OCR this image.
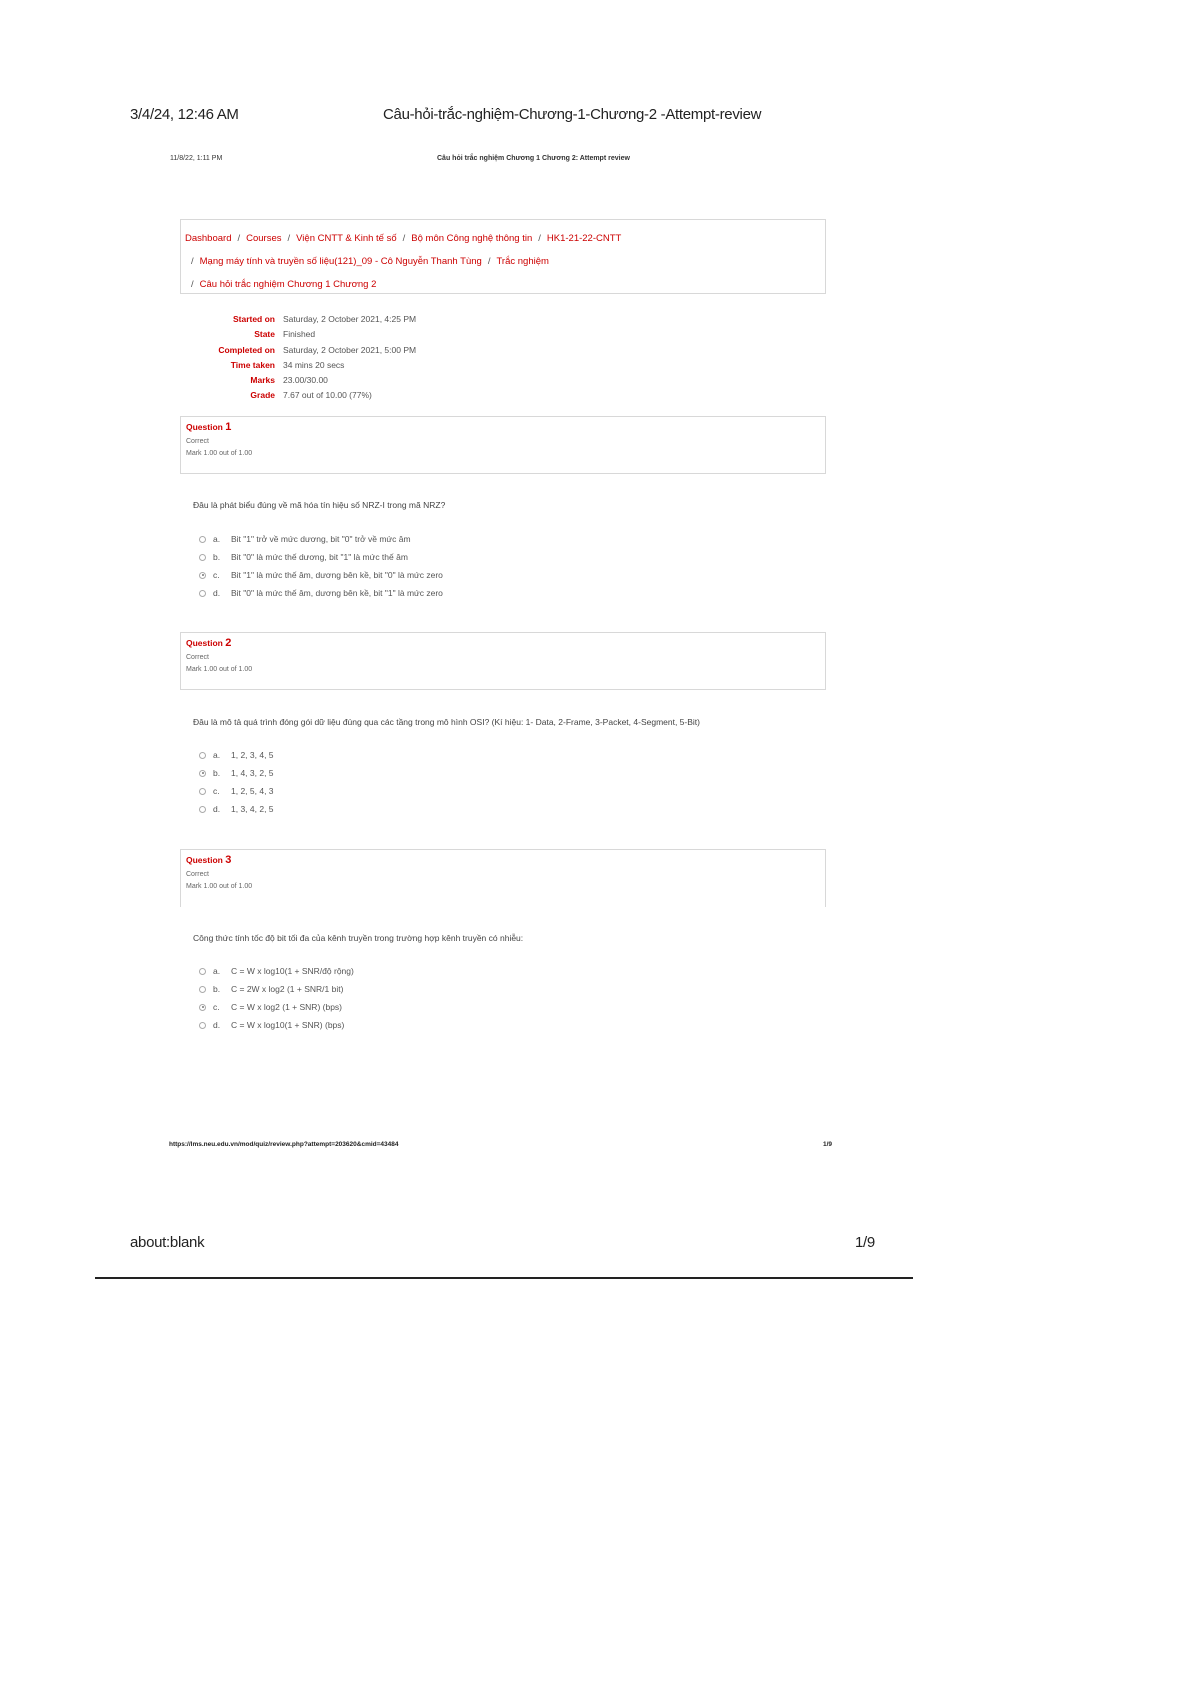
3/4/24, 12:46 AM	Câu-hỏi-trắc-nghiệm-Chương-1-Chương-2 -Attempt-review
11/8/22, 1:11 PM	Câu hỏi trắc nghiệm Chương 1 Chương 2: Attempt review
Dashboard / Courses / Viện CNTT & Kinh tế số / Bộ môn Công nghệ thông tin / HK1-21-22-CNTT
/ Mạng máy tính và truyền số liệu(121)_09 - Cô Nguyễn Thanh Tùng / Trắc nghiệm
/ Câu hỏi trắc nghiệm Chương 1 Chương 2
Started on Saturday, 2 October 2021, 4:25 PM
State Finished
Completed on Saturday, 2 October 2021, 5:00 PM
Time taken 34 mins 20 secs
Marks 23.00/30.00
Grade 7.67 out of 10.00 (77%)
Question 1
Correct
Mark 1.00 out of 1.00
Đâu là phát biểu đúng về mã hóa tín hiệu số NRZ-I trong mã NRZ?
a.	Bit "1" trở về mức dương, bit "0" trở về mức âm
b.	Bit "0" là mức thế dương, bit "1" là mức thế âm
c.	Bit "1" là mức thế âm, dương bên kề, bit "0" là mức zero
d.	Bit "0" là mức thế âm, dương bên kề, bit "1" là mức zero
Question 2
Correct
Mark 1.00 out of 1.00
Đâu là mô tả quá trình đóng gói dữ liệu đúng qua các tầng trong mô hình OSI? (Kí hiệu: 1- Data, 2-Frame, 3-Packet, 4-Segment, 5-Bit)
a.	1, 2, 3, 4, 5
b.	1, 4, 3, 2, 5
c.	1, 2, 5, 4, 3
d.	1, 3, 4, 2, 5
Question 3
Correct
Mark 1.00 out of 1.00
Công thức tính tốc độ bit tối đa của kênh truyền trong trường hợp kênh truyền có nhiễu:
a.	C = W x log10(1 + SNR/độ rộng)
b.	C = 2W x log2 (1 + SNR/1 bit)
c.	C = W x log2 (1 + SNR) (bps)
d.	C = W x log10(1 + SNR) (bps)
https://lms.neu.edu.vn/mod/quiz/review.php?attempt=203620&cmid=43484	1/9
about:blank	1/9
